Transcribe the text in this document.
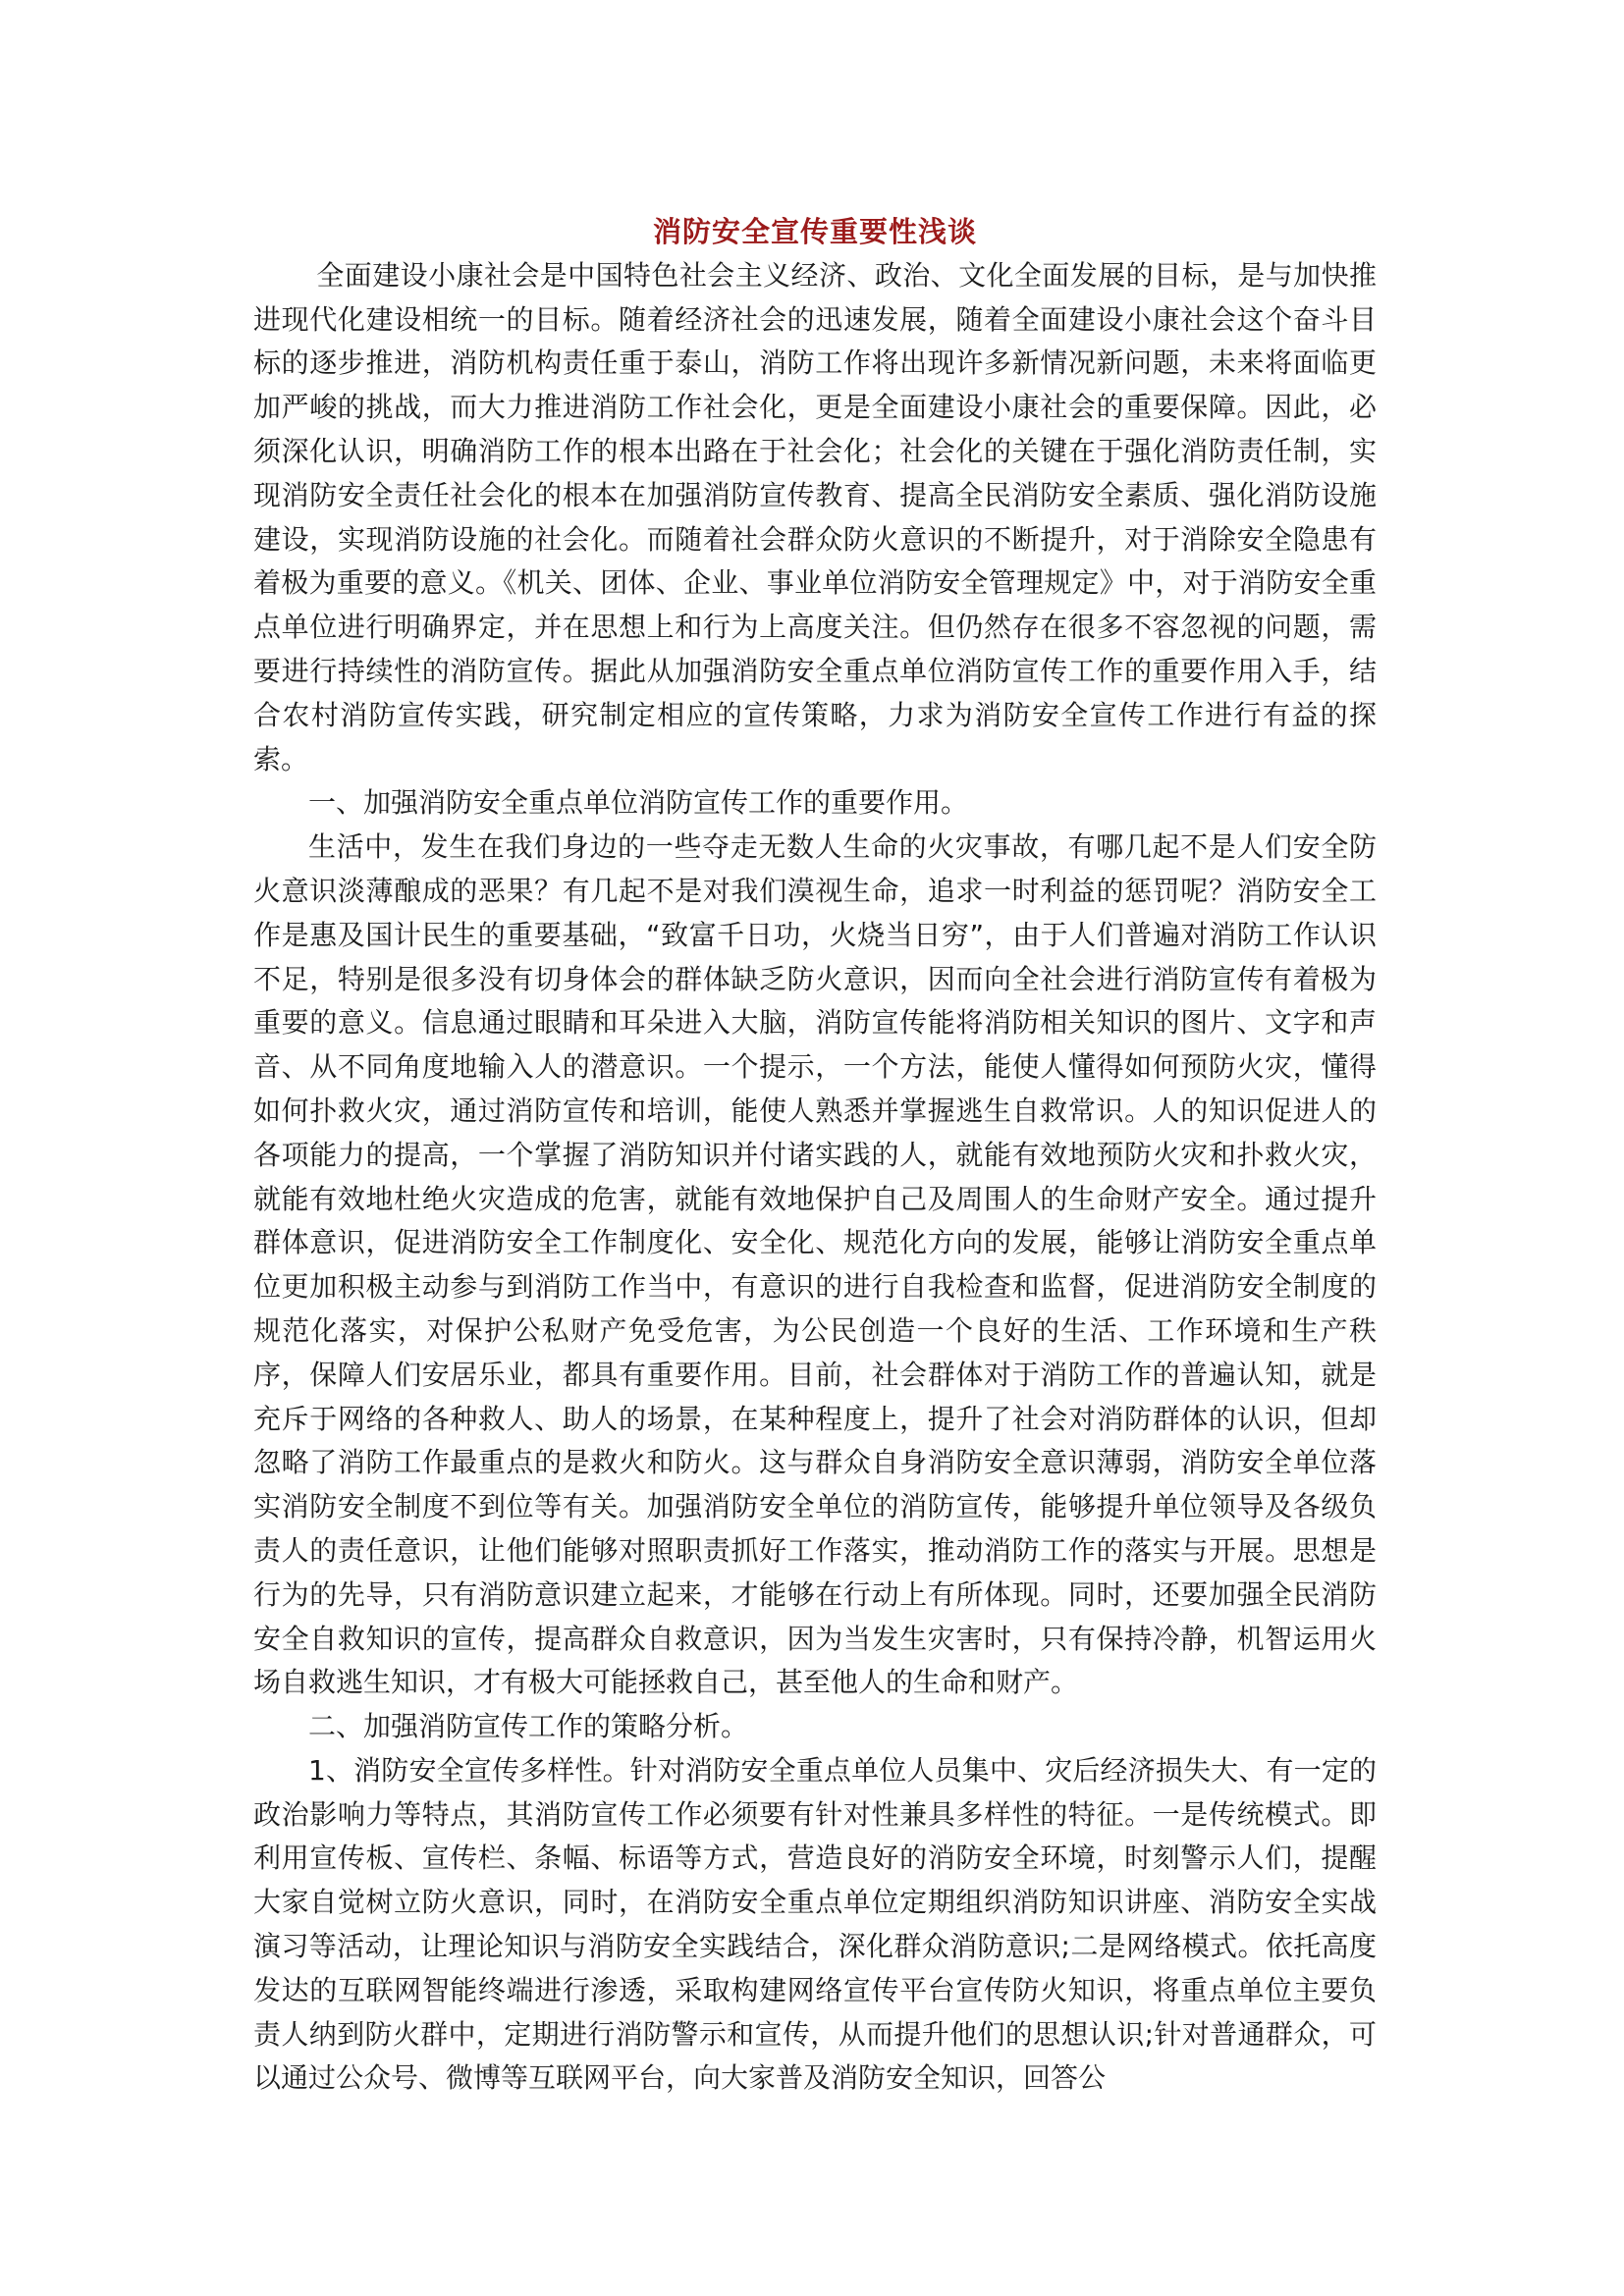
消防安全宣传重要性浅谈

全面建设小康社会是中国特色社会主义经济、政治、文化全面发展的目标，是与加快推进现代化建设相统一的目标。随着经济社会的迅速发展，随着全面建设小康社会这个奋斗目标的逐步推进，消防机构责任重于泰山，消防工作将出现许多新情况新问题，未来将面临更加严峻的挑战，而大力推进消防工作社会化，更是全面建设小康社会的重要保障。因此，必须深化认识，明确消防工作的根本出路在于社会化；社会化的关键在于强化消防责任制，实现消防安全责任社会化的根本在加强消防宣传教育、提高全民消防安全素质、强化消防设施建设，实现消防设施的社会化。而随着社会群众防火意识的不断提升，对于消除安全隐患有着极为重要的意义。《机关、团体、企业、事业单位消防安全管理规定》中，对于消防安全重点单位进行明确界定，并在思想上和行为上高度关注。但仍然存在很多不容忽视的问题，需要进行持续性的消防宣传。据此从加强消防安全重点单位消防宣传工作的重要作用入手，结合农村消防宣传实践，研究制定相应的宣传策略，力求为消防安全宣传工作进行有益的探索。

一、加强消防安全重点单位消防宣传工作的重要作用。

生活中，发生在我们身边的一些夺走无数人生命的火灾事故，有哪几起不是人们安全防火意识淡薄酿成的恶果？有几起不是对我们漠视生命，追求一时利益的惩罚呢？消防安全工作是惠及国计民生的重要基础，“致富千日功，火烧当日穷”，由于人们普遍对消防工作认识不足，特别是很多没有切身体会的群体缺乏防火意识，因而向全社会进行消防宣传有着极为重要的意义。信息通过眼睛和耳朵进入大脑，消防宣传能将消防相关知识的图片、文字和声音、从不同角度地输入人的潜意识。一个提示，一个方法，能使人懂得如何预防火灾，懂得如何扑救火灾，通过消防宣传和培训，能使人熟悉并掌握逃生自救常识。人的知识促进人的各项能力的提高，一个掌握了消防知识并付诸实践的人，就能有效地预防火灾和扑救火灾，就能有效地杜绝火灾造成的危害，就能有效地保护自己及周围人的生命财产安全。通过提升群体意识，促进消防安全工作制度化、安全化、规范化方向的发展，能够让消防安全重点单位更加积极主动参与到消防工作当中，有意识的进行自我检查和监督，促进消防安全制度的规范化落实，对保护公私财产免受危害，为公民创造一个良好的生活、工作环境和生产秩序，保障人们安居乐业，都具有重要作用。目前，社会群体对于消防工作的普遍认知，就是充斥于网络的各种救人、助人的场景，在某种程度上，提升了社会对消防群体的认识，但却忽略了消防工作最重点的是救火和防火。这与群众自身消防安全意识薄弱，消防安全单位落实消防安全制度不到位等有关。加强消防安全单位的消防宣传，能够提升单位领导及各级负责人的责任意识，让他们能够对照职责抓好工作落实，推动消防工作的落实与开展。思想是行为的先导，只有消防意识建立起来，才能够在行动上有所体现。同时，还要加强全民消防安全自救知识的宣传，提高群众自救意识，因为当发生灾害时，只有保持冷静，机智运用火场自救逃生知识，才有极大可能拯救自己，甚至他人的生命和财产。

二、加强消防宣传工作的策略分析。

1、消防安全宣传多样性。针对消防安全重点单位人员集中、灾后经济损失大、有一定的政治影响力等特点，其消防宣传工作必须要有针对性兼具多样性的特征。一是传统模式。即利用宣传板、宣传栏、条幅、标语等方式，营造良好的消防安全环境，时刻警示人们，提醒大家自觉树立防火意识，同时，在消防安全重点单位定期组织消防知识讲座、消防安全实战演习等活动，让理论知识与消防安全实践结合，深化群众消防意识;二是网络模式。依托高度发达的互联网智能终端进行渗透，采取构建网络宣传平台宣传防火知识，将重点单位主要负责人纳到防火群中，定期进行消防警示和宣传，从而提升他们的思想认识;针对普通群众，可以通过公众号、微博等互联网平台，向大家普及消防安全知识，回答公
